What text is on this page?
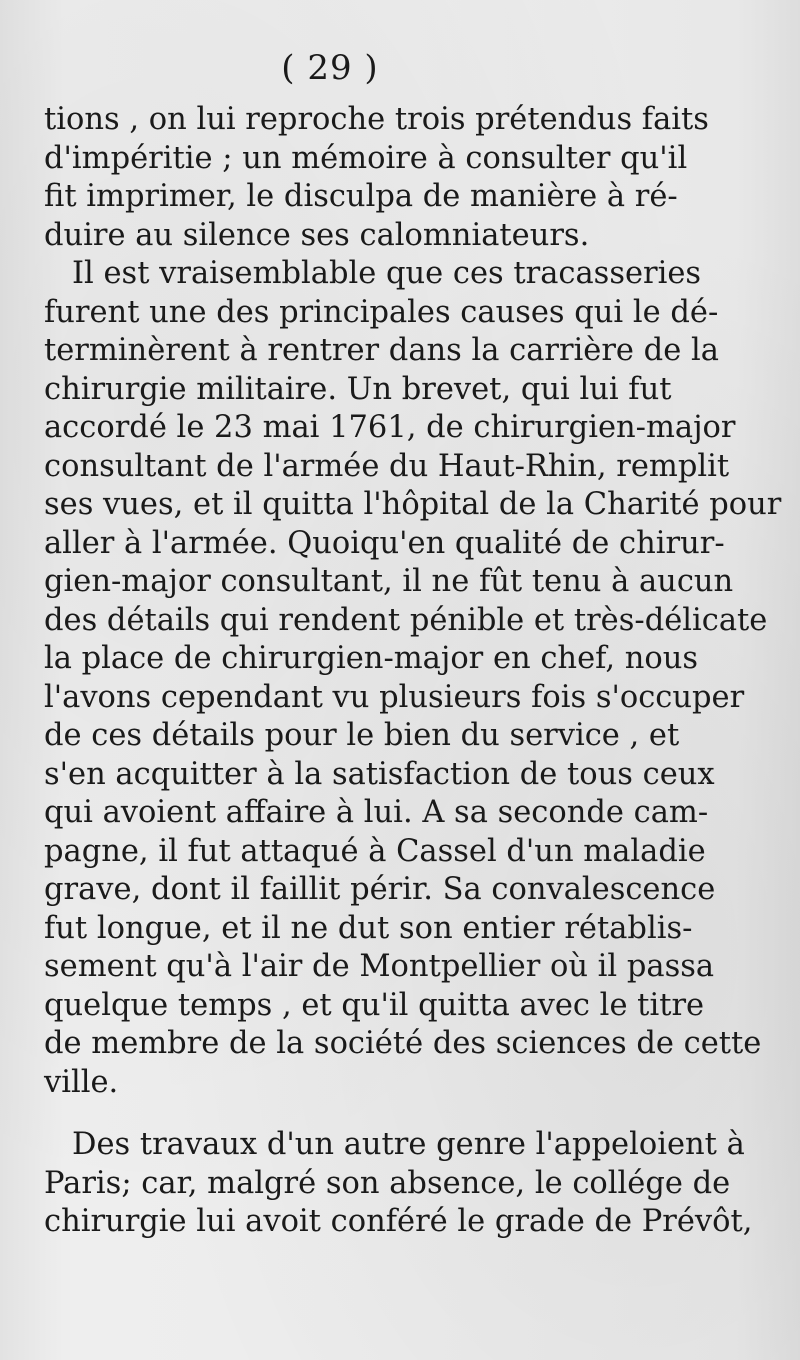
( 29 )
tions , on lui reproche trois prétendus faits
d'impéritie ; un mémoire à consulter qu'il
fit imprimer, le disculpa de manière à ré-
duire au silence ses calomniateurs.
Il est vraisemblable que ces tracasseries
furent une des principales causes qui le dé-
terminèrent à rentrer dans la carrière de la
chirurgie militaire. Un brevet, qui lui fut
accordé le 23 mai 1761, de chirurgien-major
consultant de l'armée du Haut-Rhin, remplit
ses vues, et il quitta l'hôpital de la Charité pour
aller à l'armée. Quoiqu'en qualité de chirur-
gien-major consultant, il ne fût tenu à aucun
des détails qui rendent pénible et très-délicate
la place de chirurgien-major en chef, nous
l'avons cependant vu plusieurs fois s'occuper
de ces détails pour le bien du service , et
s'en acquitter à la satisfaction de tous ceux
qui avoient affaire à lui. A sa seconde cam-
pagne, il fut attaqué à Cassel d'un maladie
grave, dont il faillit périr. Sa convalescence
fut longue, et il ne dut son entier rétablis-
sement qu'à l'air de Montpellier où il passa
quelque temps , et qu'il quitta avec le titre
de membre de la société des sciences de cette
ville.
Des travaux d'un autre genre l'appeloient à
Paris; car, malgré son absence, le collége de
chirurgie lui avoit conféré le grade de Prévôt,
